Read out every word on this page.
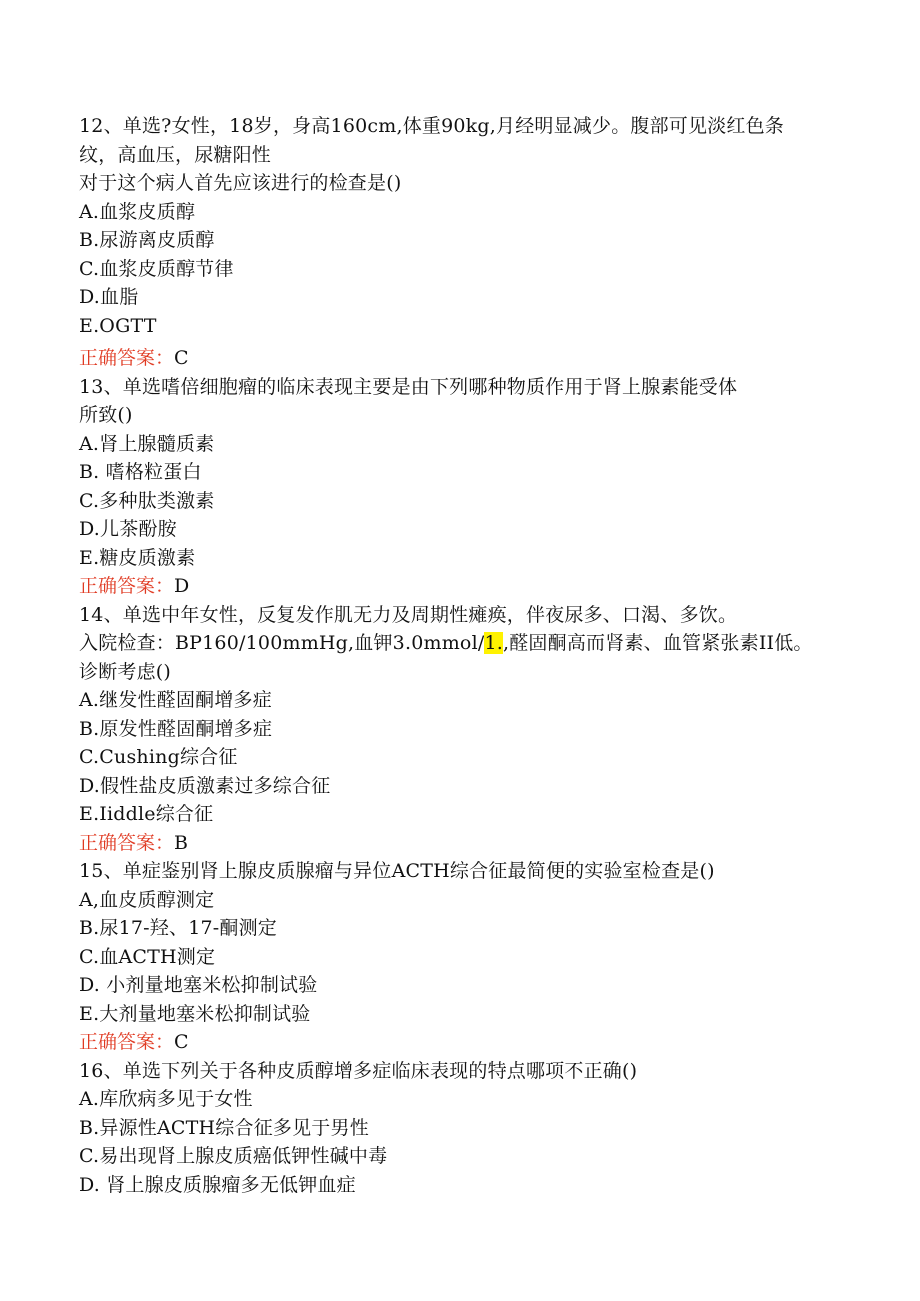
12、单选?女性，18岁，身高160cm,体重90kg,月经明显减少。腹部可见淡红色条
纹，高血压，尿糖阳性
对于这个病人首先应该进行的检查是()
A.血浆皮质醇
B.尿游离皮质醇
C.血浆皮质醇节律
D.血脂
E.OGTT
正确答案：C
13、单选嗜倍细胞瘤的临床表现主要是由下列哪种物质作用于肾上腺素能受体
所致()
A.肾上腺髓质素
B. 嗜格粒蛋白
C.多种肽类激素
D.儿茶酚胺
E.糖皮质激素
正确答案：D
14、单选中年女性，反复发作肌无力及周期性瘫痪，伴夜尿多、口渴、多饮。
入院检查：BP160/100mmHg,血钾3.0mmol/1.,醛固酮高而肾素、血管紧张素II低。
诊断考虑()
A.继发性醛固酮增多症
B.原发性醛固酮增多症
C.Cushing综合征
D.假性盐皮质激素过多综合征
E.Iiddle综合征
正确答案：B
15、单症鉴别肾上腺皮质腺瘤与异位ACTH综合征最简便的实验室检查是()
A,血皮质醇测定
B.尿17-羟、17-酮测定
C.血ACTH测定
D. 小剂量地塞米松抑制试验
E.大剂量地塞米松抑制试验
正确答案：C
16、单选下列关于各种皮质醇增多症临床表现的特点哪项不正确()
A.库欣病多见于女性
B.异源性ACTH综合征多见于男性
C.易出现肾上腺皮质癌低钾性碱中毒
D. 肾上腺皮质腺瘤多无低钾血症
